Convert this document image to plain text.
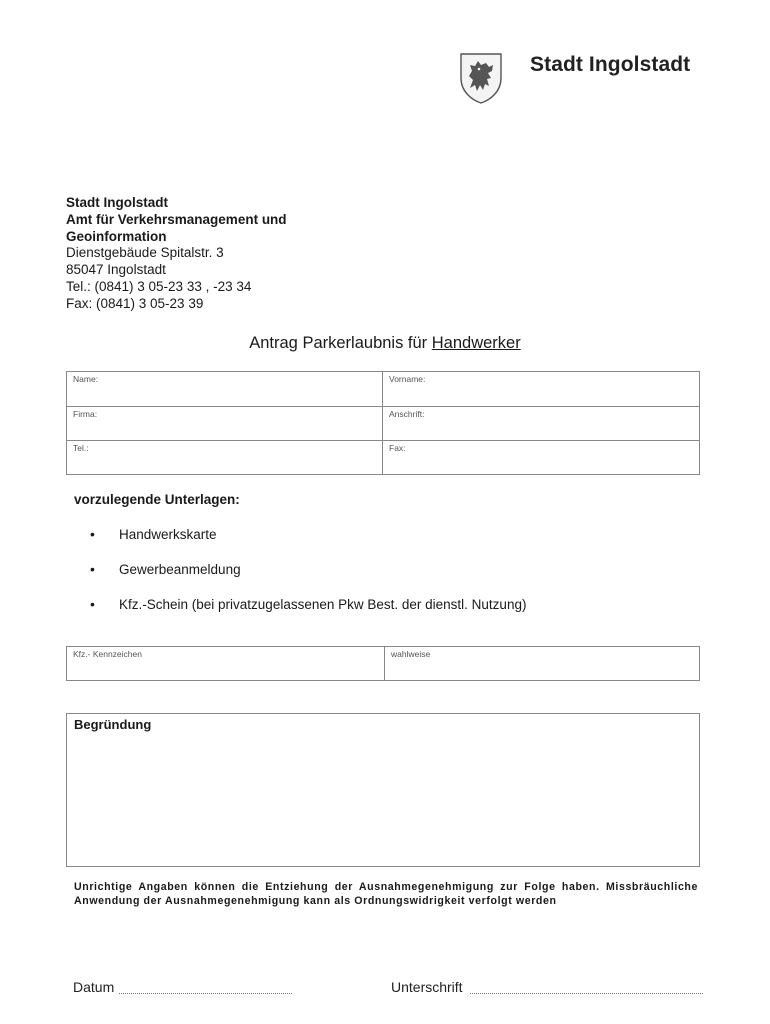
Stadt Ingolstadt
Stadt Ingolstadt
Amt für Verkehrsmanagement und
Geoinformation
Dienstgebäude Spitalstr. 3
85047 Ingolstadt
Tel.: (0841) 3 05-23 33 , -23 34
Fax: (0841) 3 05-23 39
Antrag Parkerlaubnis für Handwerker
Name:	Vorname:
Firma:	Anschrift:
Tel.:	Fax:
vorzulegende Unterlagen:
• Handwerkskarte
• Gewerbeanmeldung
• Kfz.-Schein (bei privatzugelassenen Pkw Best. der dienstl. Nutzung)
Kfz.- Kennzeichen	wahlweise
Begründung
Unrichtige Angaben können die Entziehung der Ausnahmegenehmigung zur Folge haben. Missbräuchliche Anwendung der Ausnahmegenehmigung kann als Ordnungswidrigkeit verfolgt werden
Datum	Unterschrift
